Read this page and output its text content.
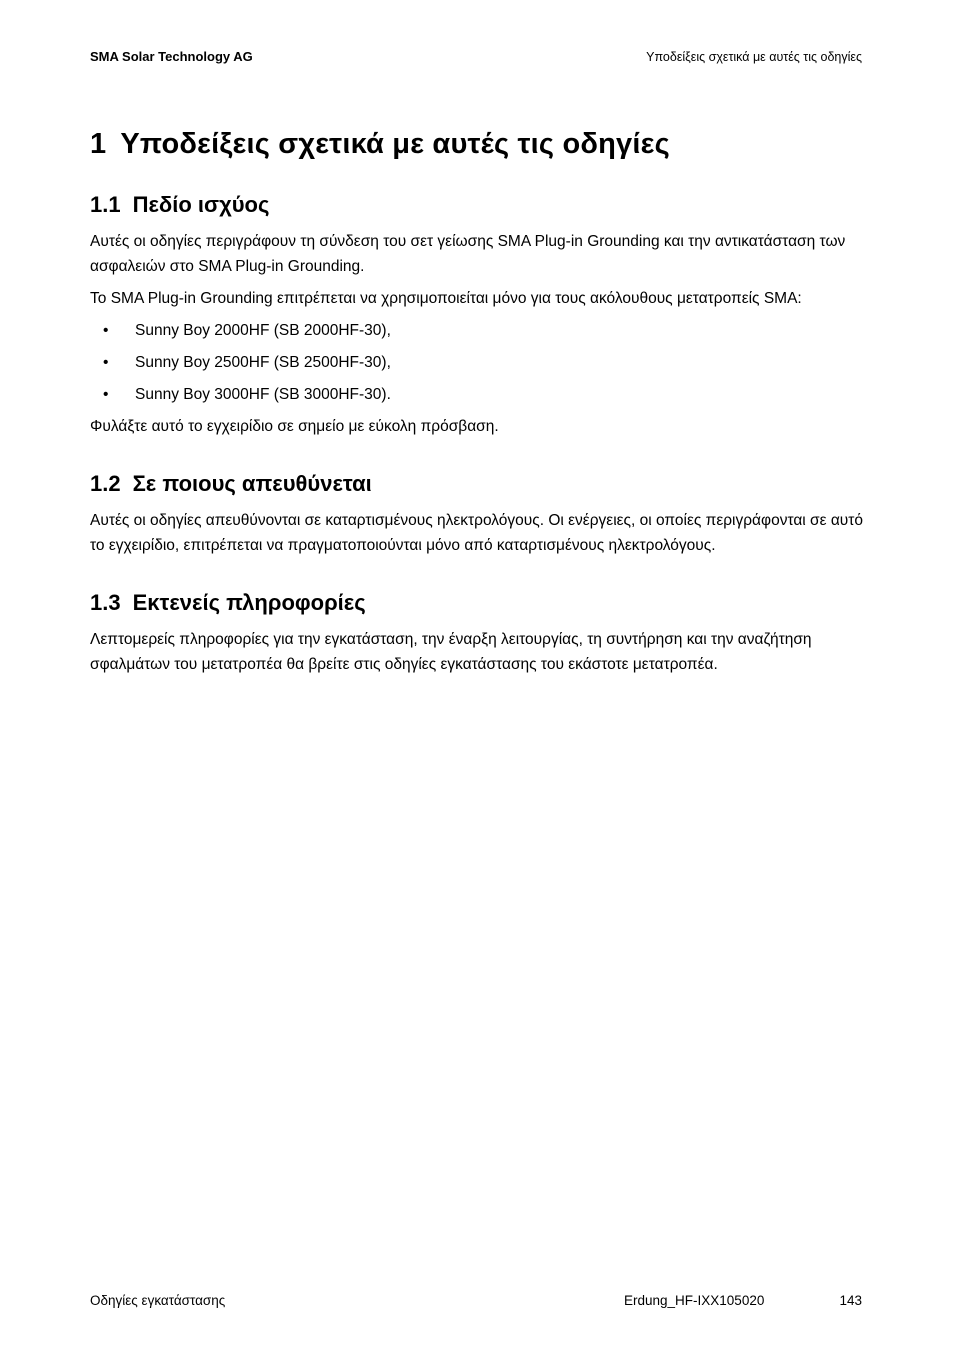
SMA Solar Technology AG	Υποδείξεις σχετικά με αυτές τις οδηγίες
1 Υποδείξεις σχετικά με αυτές τις οδηγίες
1.1 Πεδίο ισχύος

Αυτές οι οδηγίες περιγράφουν τη σύνδεση του σετ γείωσης SMA Plug-in Grounding και την αντικατάσταση των ασφαλειών στο SMA Plug-in Grounding.

Το SMA Plug-in Grounding επιτρέπεται να χρησιμοποιείται μόνο για τους ακόλουθους μετατροπείς SMA:

• Sunny Boy 2000HF (SB 2000HF-30),
• Sunny Boy 2500HF (SB 2500HF-30),
• Sunny Boy 3000HF (SB 3000HF-30).

Φυλάξτε αυτό το εγχειρίδιο σε σημείο με εύκολη πρόσβαση.

1.2 Σε ποιους απευθύνεται

Αυτές οι οδηγίες απευθύνονται σε καταρτισμένους ηλεκτρολόγους. Οι ενέργειες, οι οποίες περιγράφονται σε αυτό το εγχειρίδιο, επιτρέπεται να πραγματοποιούνται μόνο από καταρτισμένους ηλεκτρολόγους.

1.3 Εκτενείς πληροφορίες

Λεπτομερείς πληροφορίες για την εγκατάσταση, την έναρξη λειτουργίας, τη συντήρηση και την αναζήτηση σφαλμάτων του μετατροπέα θα βρείτε στις οδηγίες εγκατάστασης του εκάστοτε μετατροπέα.

Οδηγίες εγκατάστασης	Erdung_HF-IXX105020	143
